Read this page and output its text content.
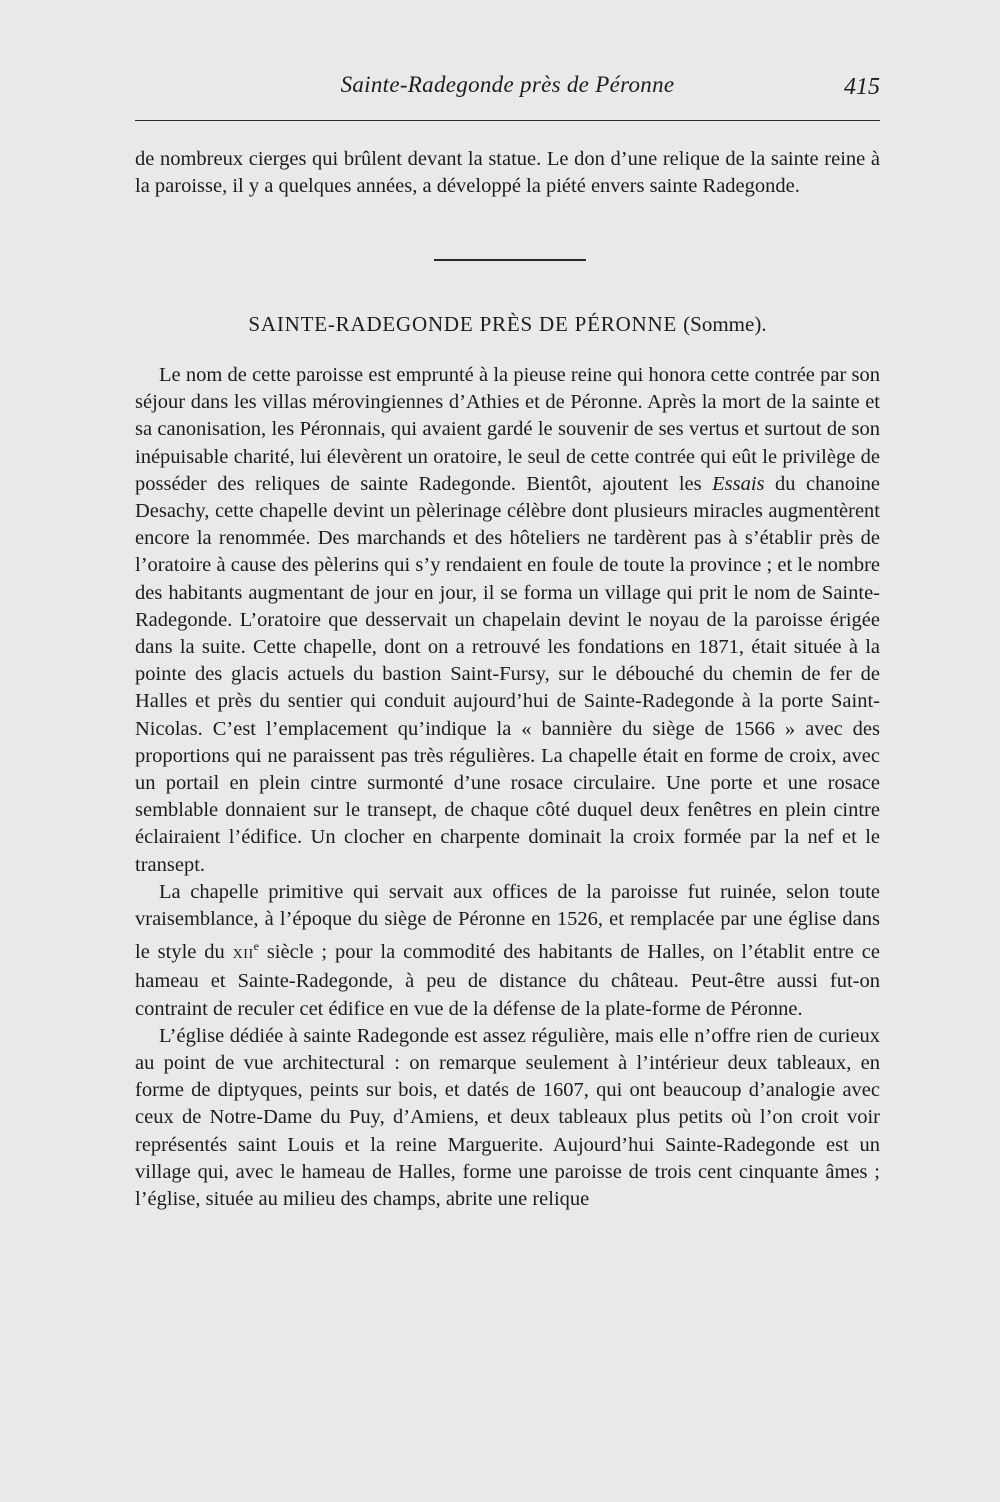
Sainte-Radegonde près de Péronne	415

de nombreux cierges qui brûlent devant la statue. Le don d’une relique de la sainte reine à la paroisse, il y a quelques années, a développé la piété envers sainte Radegonde.

SAINTE-RADEGONDE PRÈS DE PÉRONNE (Somme).

Le nom de cette paroisse est emprunté à la pieuse reine qui honora cette contrée par son séjour dans les villas mérovingiennes d’Athies et de Péronne. Après la mort de la sainte et sa canonisation, les Péronnais, qui avaient gardé le souvenir de ses vertus et surtout de son inépuisable charité, lui élevèrent un oratoire, le seul de cette contrée qui eût le privilège de posséder des reliques de sainte Radegonde. Bientôt, ajoutent les Essais du chanoine Desachy, cette chapelle devint un pèlerinage célèbre dont plusieurs miracles augmentèrent encore la renommée. Des marchands et des hôteliers ne tardèrent pas à s’établir près de l’oratoire à cause des pèlerins qui s’y rendaient en foule de toute la province ; et le nombre des habitants augmentant de jour en jour, il se forma un village qui prit le nom de Sainte-Radegonde. L’oratoire que desservait un chapelain devint le noyau de la paroisse érigée dans la suite. Cette chapelle, dont on a retrouvé les fondations en 1871, était située à la pointe des glacis actuels du bastion Saint-Fursy, sur le débouché du chemin de fer de Halles et près du sentier qui conduit aujourd’hui de Sainte-Radegonde à la porte Saint-Nicolas. C’est l’emplacement qu’indique la « bannière du siège de 1566 » avec des proportions qui ne paraissent pas très régulières. La chapelle était en forme de croix, avec un portail en plein cintre surmonté d’une rosace circulaire. Une porte et une rosace semblable donnaient sur le transept, de chaque côté duquel deux fenêtres en plein cintre éclairaient l’édifice. Un clocher en charpente dominait la croix formée par la nef et le transept.

La chapelle primitive qui servait aux offices de la paroisse fut ruinée, selon toute vraisemblance, à l’époque du siège de Péronne en 1526, et remplacée par une église dans le style du XIIe siècle ; pour la commodité des habitants de Halles, on l’établit entre ce hameau et Sainte-Radegonde, à peu de distance du château. Peut-être aussi fut-on contraint de reculer cet édifice en vue de la défense de la plate-forme de Péronne.

L’église dédiée à sainte Radegonde est assez régulière, mais elle n’offre rien de curieux au point de vue architectural : on remarque seulement à l’intérieur deux tableaux, en forme de diptyques, peints sur bois, et datés de 1607, qui ont beaucoup d’analogie avec ceux de Notre-Dame du Puy, d’Amiens, et deux tableaux plus petits où l’on croit voir représentés saint Louis et la reine Marguerite. Aujourd’hui Sainte-Radegonde est un village qui, avec le hameau de Halles, forme une paroisse de trois cent cinquante âmes ; l’église, située au milieu des champs, abrite une relique
